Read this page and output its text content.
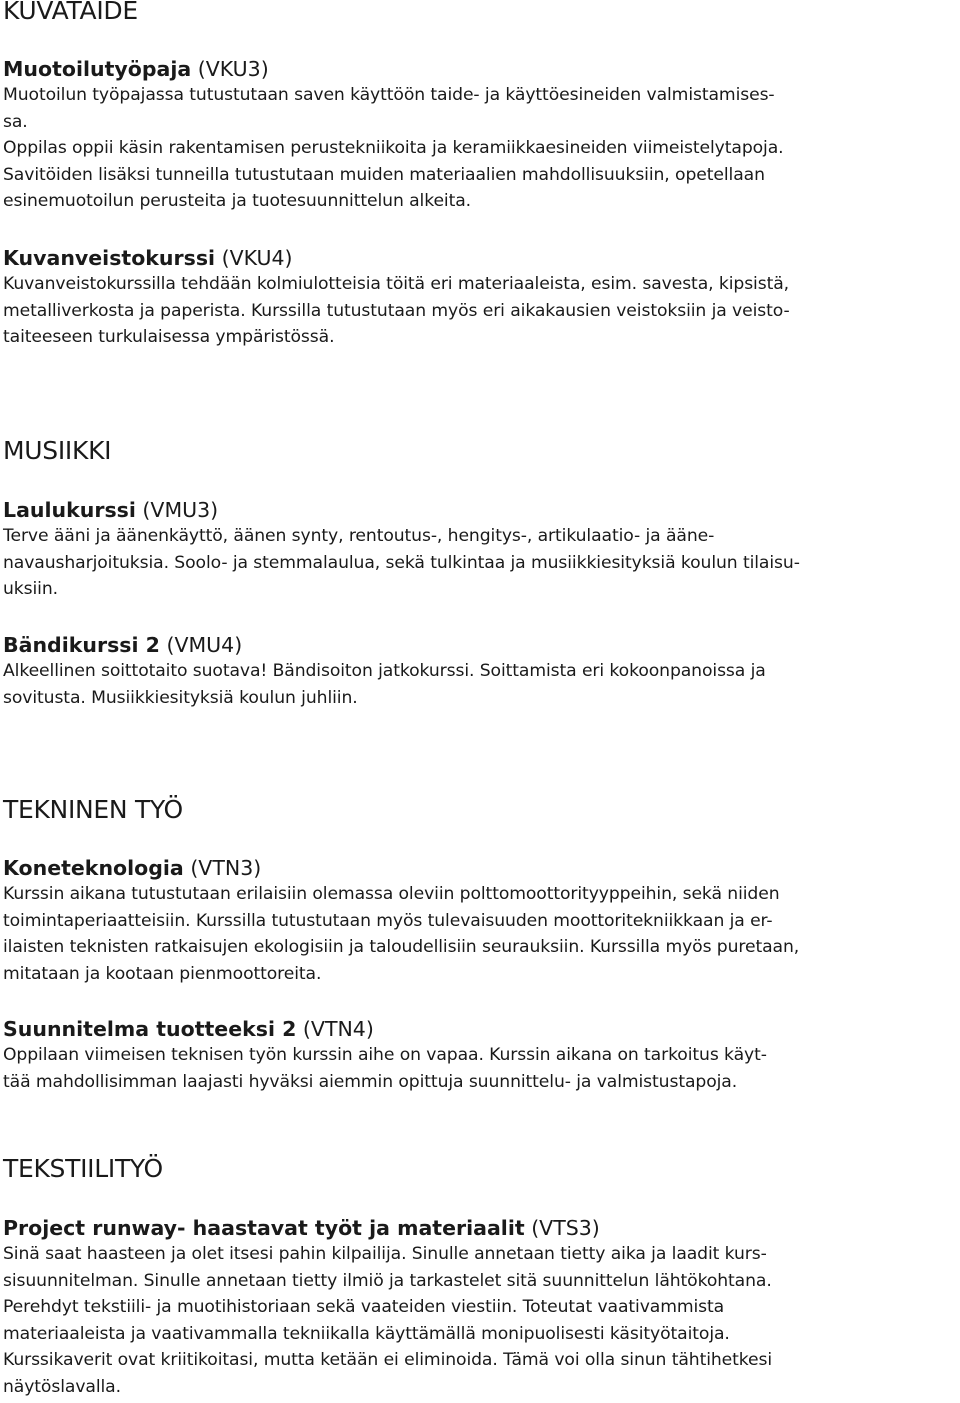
KUVATAIDE
Muotoilutyöpaja (VKU3)
Muotoilun työpajassa tutustutaan saven käyttöön taide- ja käyttöesineiden valmistamises-
sa.
Oppilas oppii käsin rakentamisen perustekniikoita ja keramiikkaesineiden viimeistelytapoja.
Savitöiden lisäksi tunneilla tutustutaan muiden materiaalien mahdollisuuksiin, opetellaan
esinemuotoilun perusteita ja tuotesuunnittelun alkeita.
Kuvanveistokurssi (VKU4)
Kuvanveistokurssilla tehdään kolmiulotteisia töitä eri materiaaleista, esim. savesta, kipsistä,
metalliverkosta ja paperista. Kurssilla tutustutaan myös eri aikakausien veistoksiin ja veisto-
taiteeseen turkulaisessa ympäristössä.
MUSIIKKI
Laulukurssi (VMU3)
Terve ääni ja äänenkäyttö, äänen synty, rentoutus-, hengitys-, artikulaatio- ja ääne-
navausharjoituksia. Soolo- ja stemmalaulua, sekä tulkintaa ja musiikkiesityksiä koulun tilaisu-
uksiin.
Bändikurssi 2 (VMU4)
Alkeellinen soittotaito suotava! Bändisoiton jatkokurssi. Soittamista eri kokoonpanoissa ja
sovitusta. Musiikkiesityksiä koulun juhliin.
TEKNINEN TYÖ
Koneteknologia (VTN3)
Kurssin aikana tutustutaan erilaisiin olemassa oleviin polttomoottorityyppeihin, sekä niiden
toimintaperiaatteisiin. Kurssilla tutustutaan myös tulevaisuuden moottoritekniikkaan ja er-
ilaisten teknisten ratkaisujen ekologisiin ja taloudellisiin seurauksiin. Kurssilla myös puretaan,
mitataan ja kootaan pienmoottoreita.
Suunnitelma tuotteeksi 2 (VTN4)
Oppilaan viimeisen teknisen työn kurssin aihe on vapaa. Kurssin aikana on tarkoitus käyt-
tää mahdollisimman laajasti hyväksi aiemmin opittuja suunnittelu- ja valmistustapoja.
TEKSTIILITYÖ
Project runway- haastavat työt ja materiaalit (VTS3)
Sinä saat haasteen ja olet itsesi pahin kilpailija. Sinulle annetaan tietty aika ja laadit kurs-
sisuunnitelman. Sinulle annetaan tietty ilmiö ja tarkastelet sitä suunnittelun lähtökohtana.
Perehdyt tekstiili- ja muotihistoriaan sekä vaateiden viestiin. Toteutat vaativammista
materiaaleista ja vaativammalla tekniikalla käyttämällä monipuolisesti käsityötaitoja.
Kurssikaverit ovat kriitikoitasi, mutta ketään ei eliminoida. Tämä voi olla sinun tähtihetkesi
näytöslavalla.
